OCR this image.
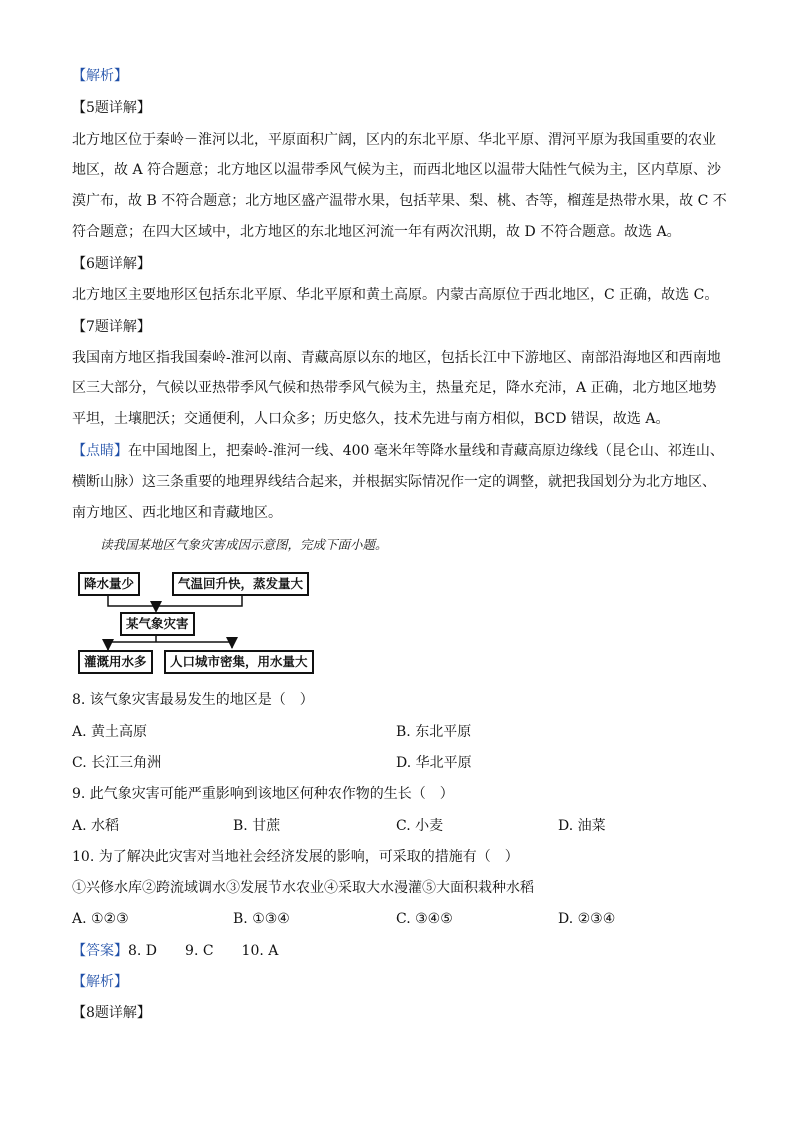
【解析】
【5题详解】
北方地区位于秦岭－淮河以北，平原面积广阔，区内的东北平原、华北平原、渭河平原为我国重要的农业
地区，故 A 符合题意；北方地区以温带季风气候为主，而西北地区以温带大陆性气候为主，区内草原、沙
漠广布，故 B 不符合题意；北方地区盛产温带水果，包括苹果、梨、桃、杏等，榴莲是热带水果，故 C 不
符合题意；在四大区域中，北方地区的东北地区河流一年有两次汛期，故 D 不符合题意。故选 A。
【6题详解】
北方地区主要地形区包括东北平原、华北平原和黄土高原。内蒙古高原位于西北地区，C 正确，故选 C。
【7题详解】
我国南方地区指我国秦岭-淮河以南、青藏高原以东的地区，包括长江中下游地区、南部沿海地区和西南地
区三大部分，气候以亚热带季风气候和热带季风气候为主，热量充足，降水充沛，A 正确，北方地区地势
平坦，土壤肥沃；交通便利，人口众多；历史悠久，技术先进与南方相似，BCD 错误，故选 A。
【点睛】在中国地图上，把秦岭-淮河一线、400 毫米年等降水量线和青藏高原边缘线（昆仑山、祁连山、
横断山脉）这三条重要的地理界线结合起来，并根据实际情况作一定的调整，就把我国划分为北方地区、
南方地区、西北地区和青藏地区。
读我国某地区气象灾害成因示意图，完成下面小题。
降水量少	气温回升快，蒸发量大
某气象灾害
灌溉用水多	人口城市密集，用水量大
8. 该气象灾害最易发生的地区是（　）
A. 黄土高原	B. 东北平原
C. 长江三角洲	D. 华北平原
9. 此气象灾害可能严重影响到该地区何种农作物的生长（　）
A. 水稻	B. 甘蔗	C. 小麦	D. 油菜
10. 为了解决此灾害对当地社会经济发展的影响，可采取的措施有（　）
①兴修水库②跨流域调水③发展节水农业④采取大水漫灌⑤大面积栽种水稻
A. ①②③	B. ①③④	C. ③④⑤	D. ②③④
【答案】8. D　　9. C　　10. A
【解析】
【8题详解】
